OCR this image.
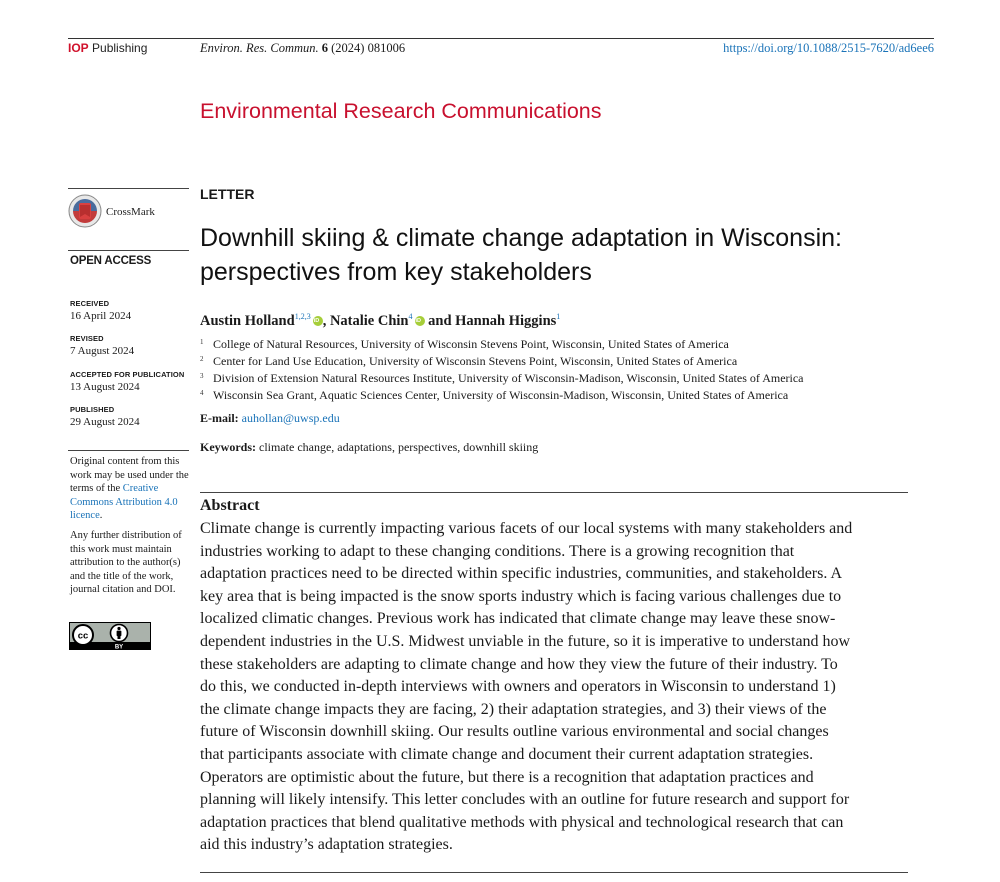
IOP Publishing	Environ. Res. Commun. 6 (2024) 081006	https://doi.org/10.1088/2515-7620/ad6ee6
Environmental Research Communications
CrossMark
OPEN ACCESS
RECEIVED
16 April 2024
REVISED
7 August 2024
ACCEPTED FOR PUBLICATION
13 August 2024
PUBLISHED
29 August 2024
Original content from this work may be used under the terms of the Creative Commons Attribution 4.0 licence.
Any further distribution of this work must maintain attribution to the author(s) and the title of the work, journal citation and DOI.
cc
BY
LETTER
Downhill skiing & climate change adaptation in Wisconsin:
perspectives from key stakeholders
Austin Holland$^{1,2,3}$iD , Natalie Chin$^4$iD and Hannah Higgins$^1$
1 College of Natural Resources, University of Wisconsin Stevens Point, Wisconsin, United States of America
2 Center for Land Use Education, University of Wisconsin Stevens Point, Wisconsin, United States of America
3 Division of Extension Natural Resources Institute, University of Wisconsin-Madison, Wisconsin, United States of America
4 Wisconsin Sea Grant, Aquatic Sciences Center, University of Wisconsin-Madison, Wisconsin, United States of America
E-mail: auhollan@uwsp.edu
Keywords: climate change, adaptations, perspectives, downhill skiing
Abstract
Climate change is currently impacting various facets of our local systems with many stakeholders and
industries working to adapt to these changing conditions. There is a growing recognition that
adaptation practices need to be directed within specific industries, communities, and stakeholders. A
key area that is being impacted is the snow sports industry which is facing various challenges due to
localized climatic changes. Previous work has indicated that climate change may leave these snow-
dependent industries in the U.S. Midwest unviable in the future, so it is imperative to understand how
these stakeholders are adapting to climate change and how they view the future of their industry. To
do this, we conducted in-depth interviews with owners and operators in Wisconsin to understand 1)
the climate change impacts they are facing, 2) their adaptation strategies, and 3) their views of the
future of Wisconsin downhill skiing. Our results outline various environmental and social changes
that participants associate with climate change and document their current adaptation strategies.
Operators are optimistic about the future, but there is a recognition that adaptation practices and
planning will likely intensify. This letter concludes with an outline for future research and support for
adaptation practices that blend qualitative methods with physical and technological research that can
aid this industry’s adaptation strategies.
